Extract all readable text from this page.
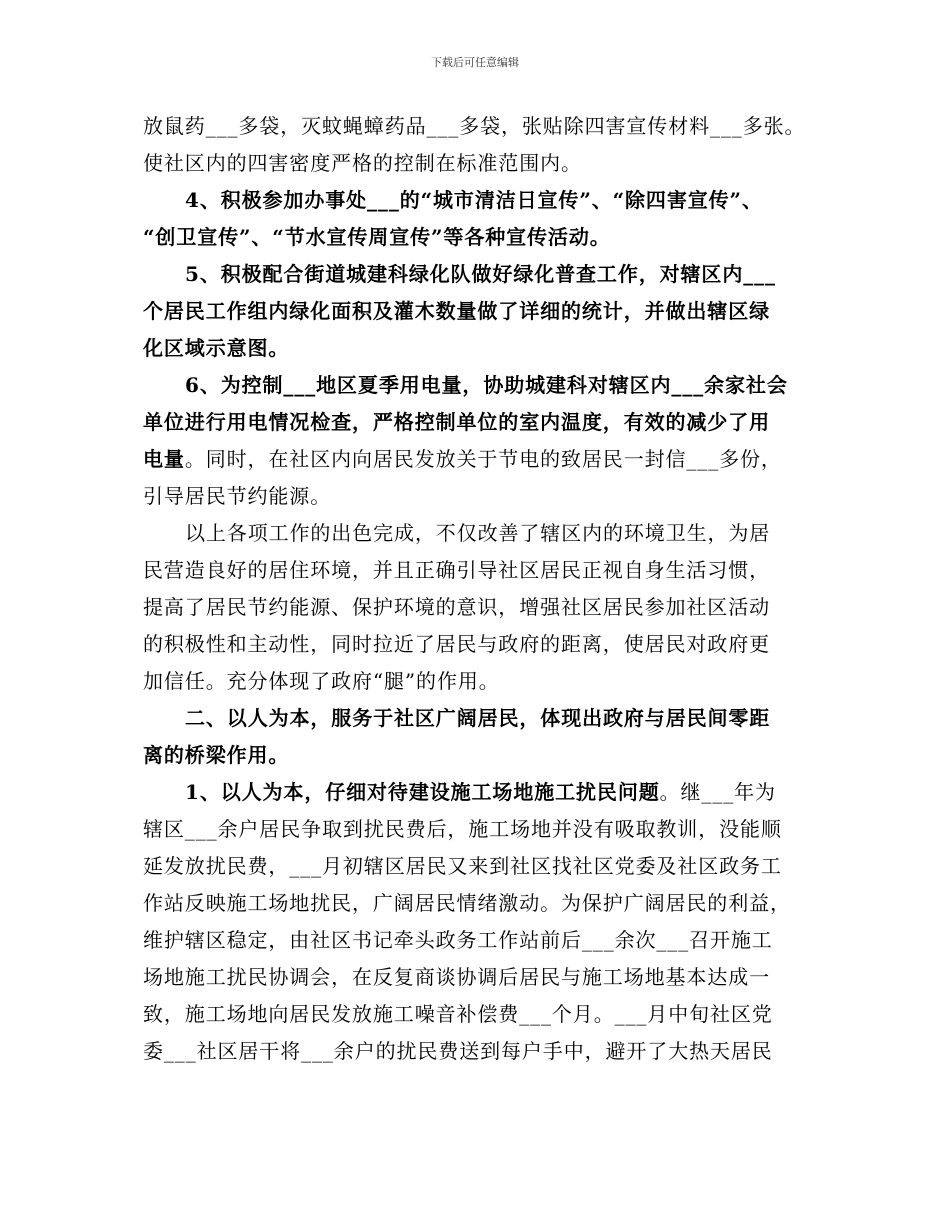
下载后可任意编辑

放鼠药___多袋，灭蚊蝇蟑药品___多袋，张贴除四害宣传材料___多张。

使社区内的四害密度严格的控制在标准范围内。

4、积极参加办事处___的“城市清洁日宣传”、“除四害宣传”、

“创卫宣传”、“节水宣传周宣传”等各种宣传活动。

5、积极配合街道城建科绿化队做好绿化普查工作，对辖区内___

个居民工作组内绿化面积及灌木数量做了详细的统计，并做出辖区绿

化区域示意图。

6、为控制___地区夏季用电量，协助城建科对辖区内___余家社会

单位进行用电情况检查，严格控制单位的室内温度，有效的减少了用

电量。同时，在社区内向居民发放关于节电的致居民一封信___多份，

引导居民节约能源。

以上各项工作的出色完成，不仅改善了辖区内的环境卫生，为居

民营造良好的居住环境，并且正确引导社区居民正视自身生活习惯，

提高了居民节约能源、保护环境的意识，增强社区居民参加社区活动

的积极性和主动性，同时拉近了居民与政府的距离，使居民对政府更

加信任。充分体现了政府“腿”的作用。

二、以人为本，服务于社区广阔居民，体现出政府与居民间零距

离的桥梁作用。

1、以人为本，仔细对待建设施工场地施工扰民问题。继___年为

辖区___余户居民争取到扰民费后，施工场地并没有吸取教训，没能顺

延发放扰民费，___月初辖区居民又来到社区找社区党委及社区政务工

作站反映施工场地扰民，广阔居民情绪激动。为保护广阔居民的利益，

维护辖区稳定，由社区书记牵头政务工作站前后___余次___召开施工

场地施工扰民协调会，在反复商谈协调后居民与施工场地基本达成一

致，施工场地向居民发放施工噪音补偿费___个月。___月中旬社区党

委___社区居干将___余户的扰民费送到每户手中，避开了大热天居民
